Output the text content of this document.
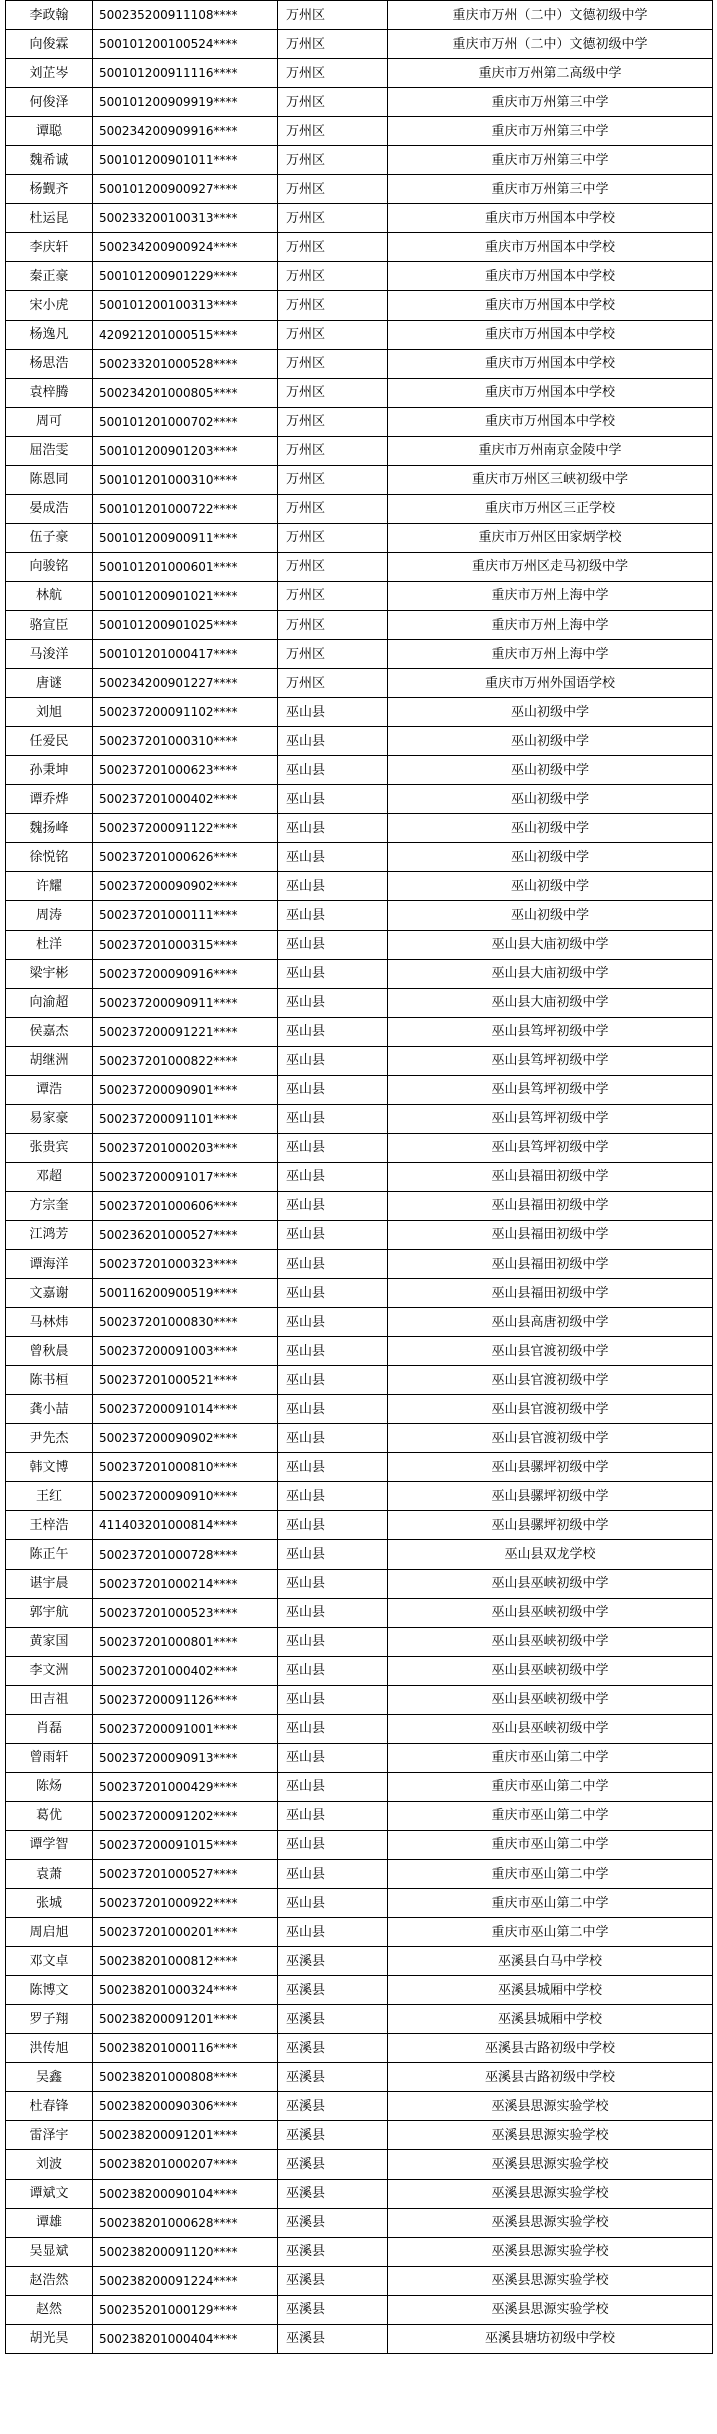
李政翰	500235200911108****	万州区	重庆市万州（二中）文德初级中学
向俊霖	500101200100524****	万州区	重庆市万州（二中）文德初级中学
刘芷岑	500101200911116****	万州区	重庆市万州第二高级中学
何俊泽	500101200909919****	万州区	重庆市万州第三中学
谭聪	500234200909916****	万州区	重庆市万州第三中学
魏希诚	500101200901011****	万州区	重庆市万州第三中学
杨觐齐	500101200900927****	万州区	重庆市万州第三中学
杜运昆	500233200100313****	万州区	重庆市万州国本中学校
李庆轩	500234200900924****	万州区	重庆市万州国本中学校
秦正豪	500101200901229****	万州区	重庆市万州国本中学校
宋小虎	500101200100313****	万州区	重庆市万州国本中学校
杨逸凡	420921201000515****	万州区	重庆市万州国本中学校
杨思浩	500233201000528****	万州区	重庆市万州国本中学校
袁梓腾	500234201000805****	万州区	重庆市万州国本中学校
周可	500101201000702****	万州区	重庆市万州国本中学校
屈浩雯	500101200901203****	万州区	重庆市万州南京金陵中学
陈恩同	500101201000310****	万州区	重庆市万州区三峡初级中学
晏成浩	500101201000722****	万州区	重庆市万州区三正学校
伍子豪	500101200900911****	万州区	重庆市万州区田家炳学校
向骏铭	500101201000601****	万州区	重庆市万州区走马初级中学
林航	500101200901021****	万州区	重庆市万州上海中学
骆宣臣	500101200901025****	万州区	重庆市万州上海中学
马浚洋	500101201000417****	万州区	重庆市万州上海中学
唐谜	500234200901227****	万州区	重庆市万州外国语学校
刘旭	500237200091102****	巫山县	巫山初级中学
任爱民	500237201000310****	巫山县	巫山初级中学
孙秉坤	500237201000623****	巫山县	巫山初级中学
谭乔烨	500237201000402****	巫山县	巫山初级中学
魏扬峰	500237200091122****	巫山县	巫山初级中学
徐悦铭	500237201000626****	巫山县	巫山初级中学
许耀	500237200090902****	巫山县	巫山初级中学
周涛	500237201000111****	巫山县	巫山初级中学
杜洋	500237201000315****	巫山县	巫山县大庙初级中学
梁宇彬	500237200090916****	巫山县	巫山县大庙初级中学
向渝超	500237200090911****	巫山县	巫山县大庙初级中学
侯嘉杰	500237200091221****	巫山县	巫山县笃坪初级中学
胡继洲	500237201000822****	巫山县	巫山县笃坪初级中学
谭浩	500237200090901****	巫山县	巫山县笃坪初级中学
易家豪	500237200091101****	巫山县	巫山县笃坪初级中学
张贵宾	500237201000203****	巫山县	巫山县笃坪初级中学
邓超	500237200091017****	巫山县	巫山县福田初级中学
方宗奎	500237201000606****	巫山县	巫山县福田初级中学
江鸿芳	500236201000527****	巫山县	巫山县福田初级中学
谭海洋	500237201000323****	巫山县	巫山县福田初级中学
文嘉谢	500116200900519****	巫山县	巫山县福田初级中学
马林炜	500237201000830****	巫山县	巫山县高唐初级中学
曾秋晨	500237200091003****	巫山县	巫山县官渡初级中学
陈书桓	500237201000521****	巫山县	巫山县官渡初级中学
龚小喆	500237200091014****	巫山县	巫山县官渡初级中学
尹先杰	500237200090902****	巫山县	巫山县官渡初级中学
韩文博	500237201000810****	巫山县	巫山县骡坪初级中学
王红	500237200090910****	巫山县	巫山县骡坪初级中学
王梓浩	411403201000814****	巫山县	巫山县骡坪初级中学
陈正午	500237201000728****	巫山县	巫山县双龙学校
谌宇晨	500237201000214****	巫山县	巫山县巫峡初级中学
郭宇航	500237201000523****	巫山县	巫山县巫峡初级中学
黄家国	500237201000801****	巫山县	巫山县巫峡初级中学
李文洲	500237201000402****	巫山县	巫山县巫峡初级中学
田吉祖	500237200091126****	巫山县	巫山县巫峡初级中学
肖磊	500237200091001****	巫山县	巫山县巫峡初级中学
曾雨轩	500237200090913****	巫山县	重庆市巫山第二中学
陈炀	500237201000429****	巫山县	重庆市巫山第二中学
葛优	500237200091202****	巫山县	重庆市巫山第二中学
谭学智	500237200091015****	巫山县	重庆市巫山第二中学
袁萧	500237201000527****	巫山县	重庆市巫山第二中学
张城	500237201000922****	巫山县	重庆市巫山第二中学
周启旭	500237201000201****	巫山县	重庆市巫山第二中学
邓文卓	500238201000812****	巫溪县	巫溪县白马中学校
陈博文	500238201000324****	巫溪县	巫溪县城厢中学校
罗子翔	500238200091201****	巫溪县	巫溪县城厢中学校
洪传旭	500238201000116****	巫溪县	巫溪县古路初级中学校
吴鑫	500238201000808****	巫溪县	巫溪县古路初级中学校
杜春锋	500238200090306****	巫溪县	巫溪县思源实验学校
雷泽宇	500238200091201****	巫溪县	巫溪县思源实验学校
刘波	500238201000207****	巫溪县	巫溪县思源实验学校
谭斌文	500238200090104****	巫溪县	巫溪县思源实验学校
谭雄	500238201000628****	巫溪县	巫溪县思源实验学校
吴显斌	500238200091120****	巫溪县	巫溪县思源实验学校
赵浩然	500238200091224****	巫溪县	巫溪县思源实验学校
赵然	500235201000129****	巫溪县	巫溪县思源实验学校
胡光昊	500238201000404****	巫溪县	巫溪县塘坊初级中学校
